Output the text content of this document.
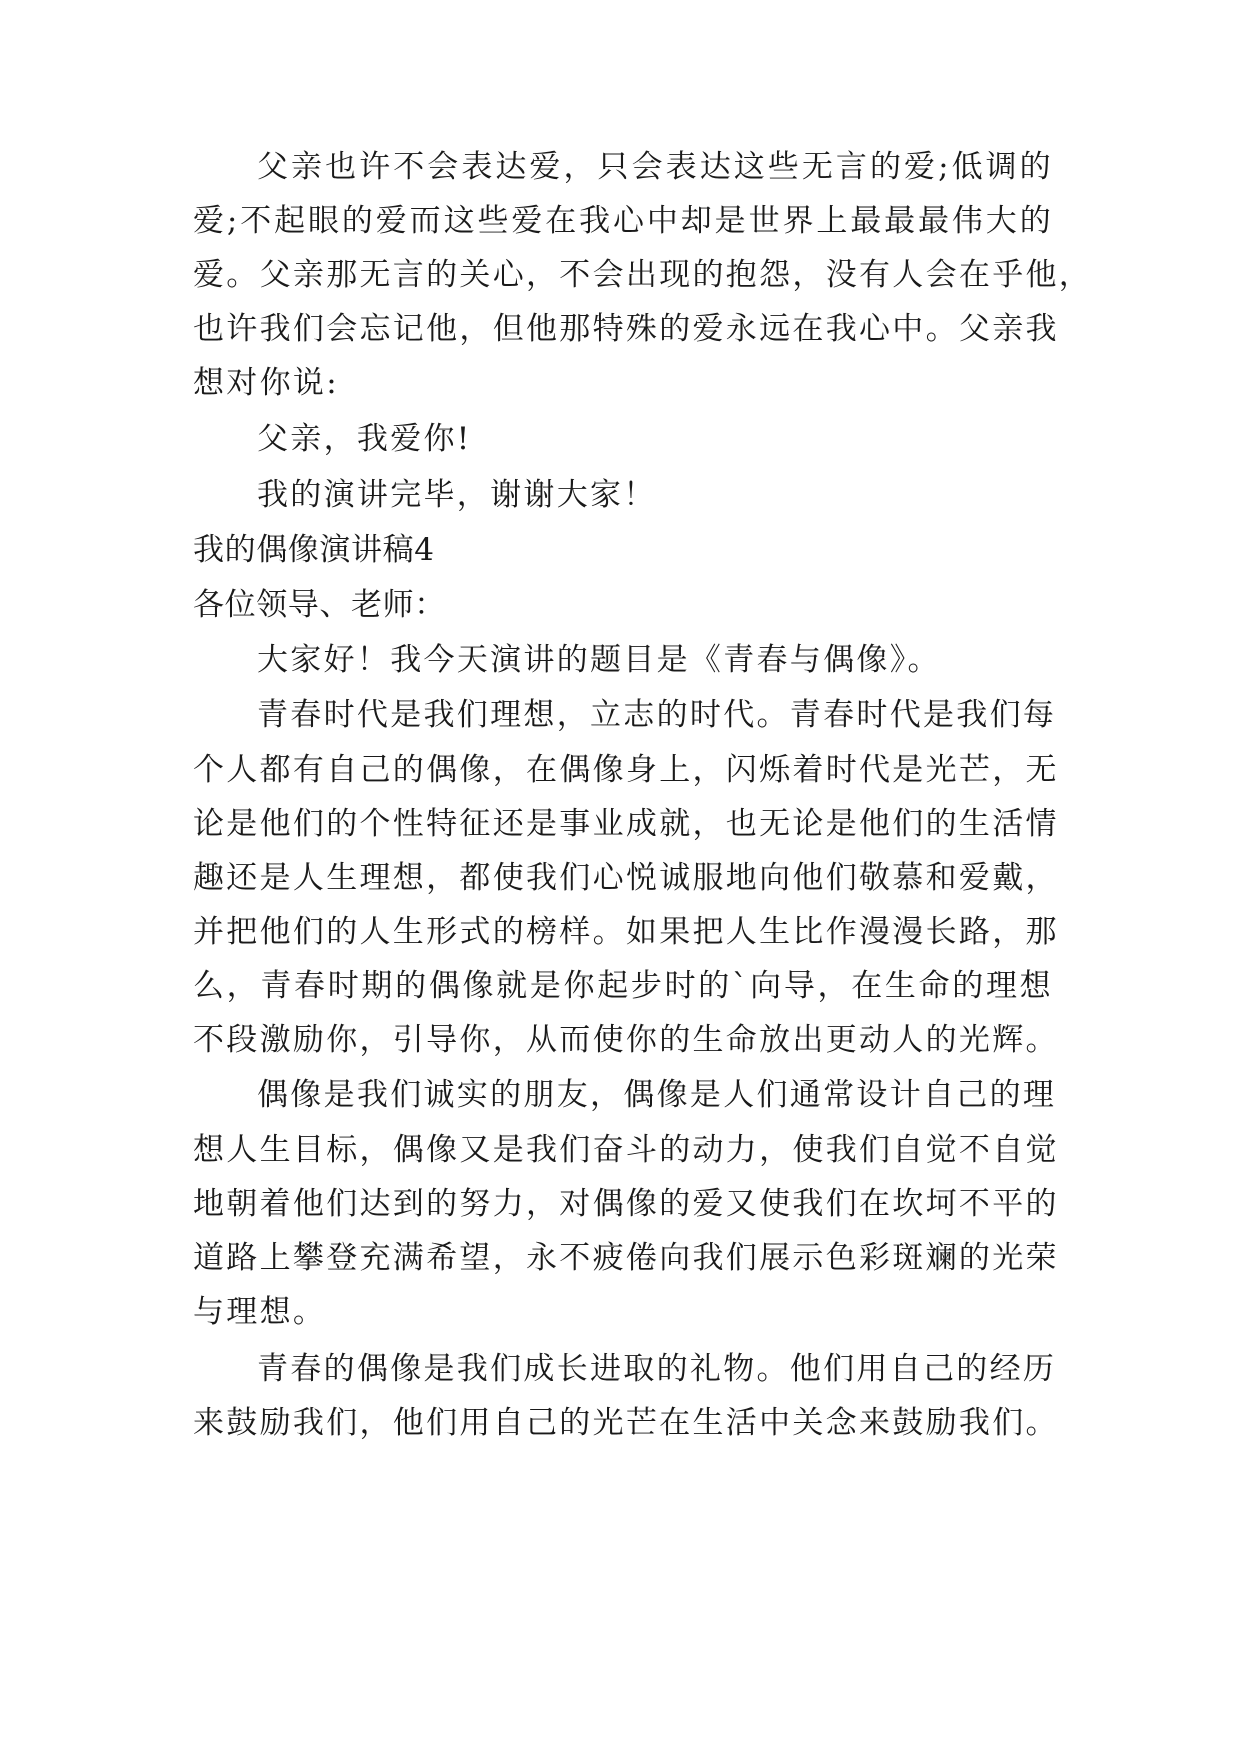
父亲也许不会表达爱，只会表达这些无言的爱;低调的
爱;不起眼的爱而这些爱在我心中却是世界上最最最伟大的
爱。父亲那无言的关心，不会出现的抱怨，没有人会在乎他，
也许我们会忘记他，但他那特殊的爱永远在我心中。父亲我
想对你说:
父亲，我爱你!
我的演讲完毕，谢谢大家！
我的偶像演讲稿4
各位领导、老师：
大家好！我今天演讲的题目是《青春与偶像》。
青春时代是我们理想，立志的时代。青春时代是我们每
个人都有自己的偶像，在偶像身上，闪烁着时代是光芒，无
论是他们的个性特征还是事业成就，也无论是他们的生活情
趣还是人生理想，都使我们心悦诚服地向他们敬慕和爱戴，
并把他们的人生形式的榜样。如果把人生比作漫漫长路，那
么，青春时期的偶像就是你起步时的`向导，在生命的理想
不段激励你，引导你，从而使你的生命放出更动人的光辉。
偶像是我们诚实的朋友，偶像是人们通常设计自己的理
想人生目标，偶像又是我们奋斗的动力，使我们自觉不自觉
地朝着他们达到的努力，对偶像的爱又使我们在坎坷不平的
道路上攀登充满希望，永不疲倦向我们展示色彩斑斓的光荣
与理想。
青春的偶像是我们成长进取的礼物。他们用自己的经历
来鼓励我们，他们用自己的光芒在生活中关念来鼓励我们。
